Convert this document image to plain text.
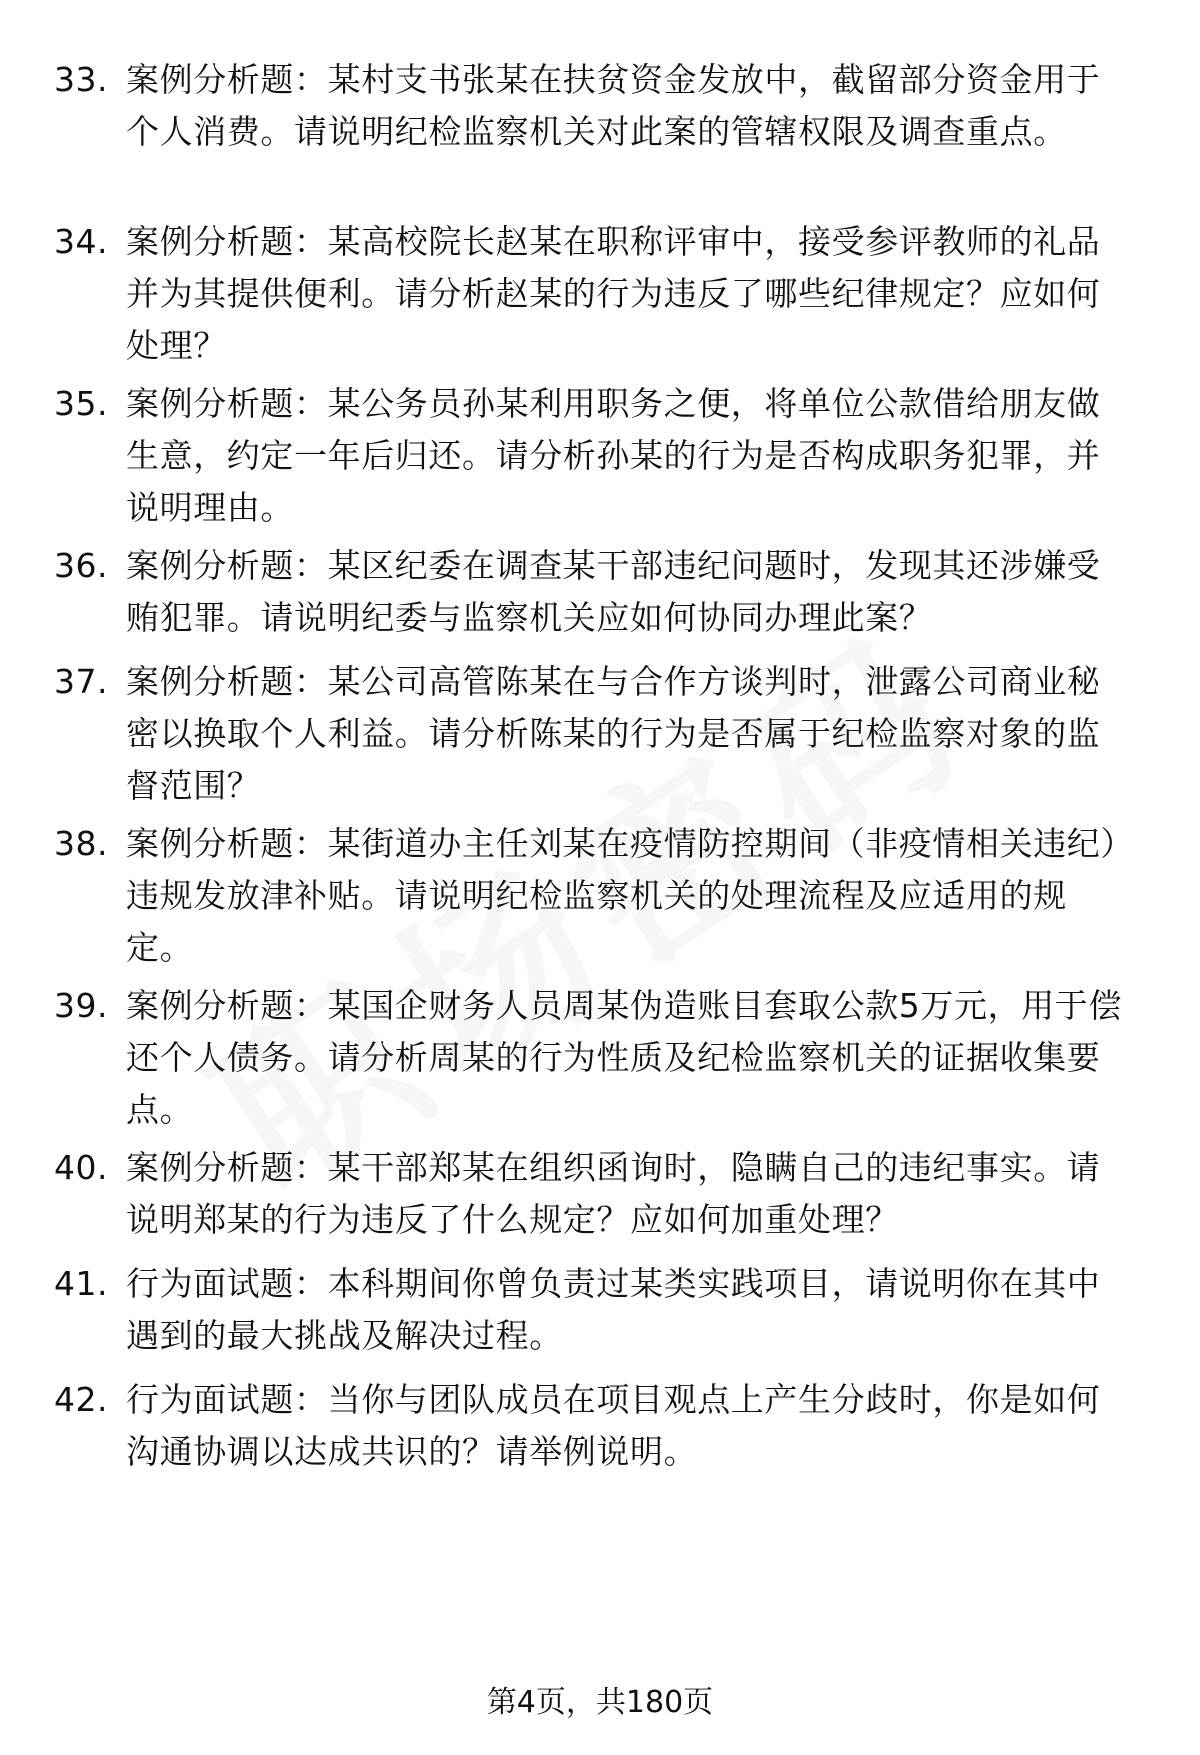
33. 案例分析题：某村支书张某在扶贫资金发放中，截留部分资金用于个人消费。请说明纪检监察机关对此案的管辖权限及调查重点。
34. 案例分析题：某高校院长赵某在职称评审中，接受参评教师的礼品并为其提供便利。请分析赵某的行为违反了哪些纪律规定？应如何处理？
35. 案例分析题：某公务员孙某利用职务之便，将单位公款借给朋友做生意，约定一年后归还。请分析孙某的行为是否构成职务犯罪，并说明理由。
36. 案例分析题：某区纪委在调查某干部违纪问题时，发现其还涉嫌受贿犯罪。请说明纪委与监察机关应如何协同办理此案？
37. 案例分析题：某公司高管陈某在与合作方谈判时，泄露公司商业秘密以换取个人利益。请分析陈某的行为是否属于纪检监察对象的监督范围？
38. 案例分析题：某街道办主任刘某在疫情防控期间（非疫情相关违纪）违规发放津补贴。请说明纪检监察机关的处理流程及应适用的规定。
39. 案例分析题：某国企财务人员周某伪造账目套取公款5万元，用于偿还个人债务。请分析周某的行为性质及纪检监察机关的证据收集要点。
40. 案例分析题：某干部郑某在组织函询时，隐瞒自己的违纪事实。请说明郑某的行为违反了什么规定？应如何加重处理？
41. 行为面试题：本科期间你曾负责过某类实践项目，请说明你在其中遇到的最大挑战及解决过程。
42. 行为面试题：当你与团队成员在项目观点上产生分歧时，你是如何沟通协调以达成共识的？请举例说明。
第4页，共180页
